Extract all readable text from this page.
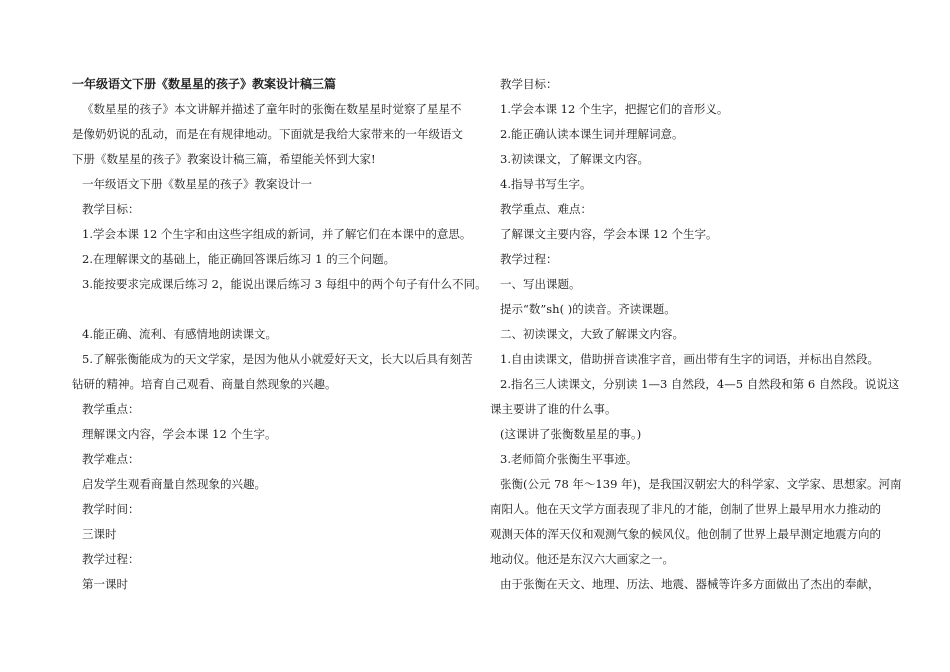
一年级语文下册《数星星的孩子》教案设计稿三篇

《数星星的孩子》本文讲解并描述了童年时的张衡在数星星时觉察了星星不

是像奶奶说的乱动，而是在有规律地动。下面就是我给大家带来的一年级语文

下册《数星星的孩子》教案设计稿三篇，希望能关怀到大家!

一年级语文下册《数星星的孩子》教案设计一

教学目标：

1.学会本课 12 个生字和由这些字组成的新词，并了解它们在本课中的意思。

2.在理解课文的基础上，能正确回答课后练习 1 的三个问题。

3.能按要求完成课后练习 2，能说出课后练习 3 每组中的两个句子有什么不同。

4.能正确、流利、有感情地朗读课文。

5.了解张衡能成为的天文学家，是因为他从小就爱好天文，长大以后具有刻苦

钻研的精神。培育自己观看、商量自然现象的兴趣。

教学重点：

理解课文内容，学会本课 12 个生字。

教学难点：

启发学生观看商量自然现象的兴趣。

教学时间：

三课时

教学过程：

第一课时

教学目标：

1.学会本课 12 个生字，把握它们的音形义。

2.能正确认读本课生词并理解词意。

3.初读课文，了解课文内容。

4.指导书写生字。

教学重点、难点：

了解课文主要内容，学会本课 12 个生字。

教学过程：

一、写出课题。

提示“数”sh( )的读音。齐读课题。

二、初读课文，大致了解课文内容。

1.自由读课文，借助拼音读准字音，画出带有生字的词语，并标出自然段。

2.指名三人读课文，分别读 1—3 自然段，4—5 自然段和第 6 自然段。说说这

课主要讲了谁的什么事。

(这课讲了张衡数星星的事。)

3.老师简介张衡生平事迹。

张衡(公元 78 年～139 年)，是我国汉朝宏大的科学家、文学家、思想家。河南

南阳人。他在天文学方面表现了非凡的才能，创制了世界上最早用水力推动的

观测天体的浑天仪和观测气象的候风仪。他创制了世界上最早测定地震方向的

地动仪。他还是东汉六大画家之一。

由于张衡在天文、地理、历法、地震、器械等许多方面做出了杰出的奉献，
